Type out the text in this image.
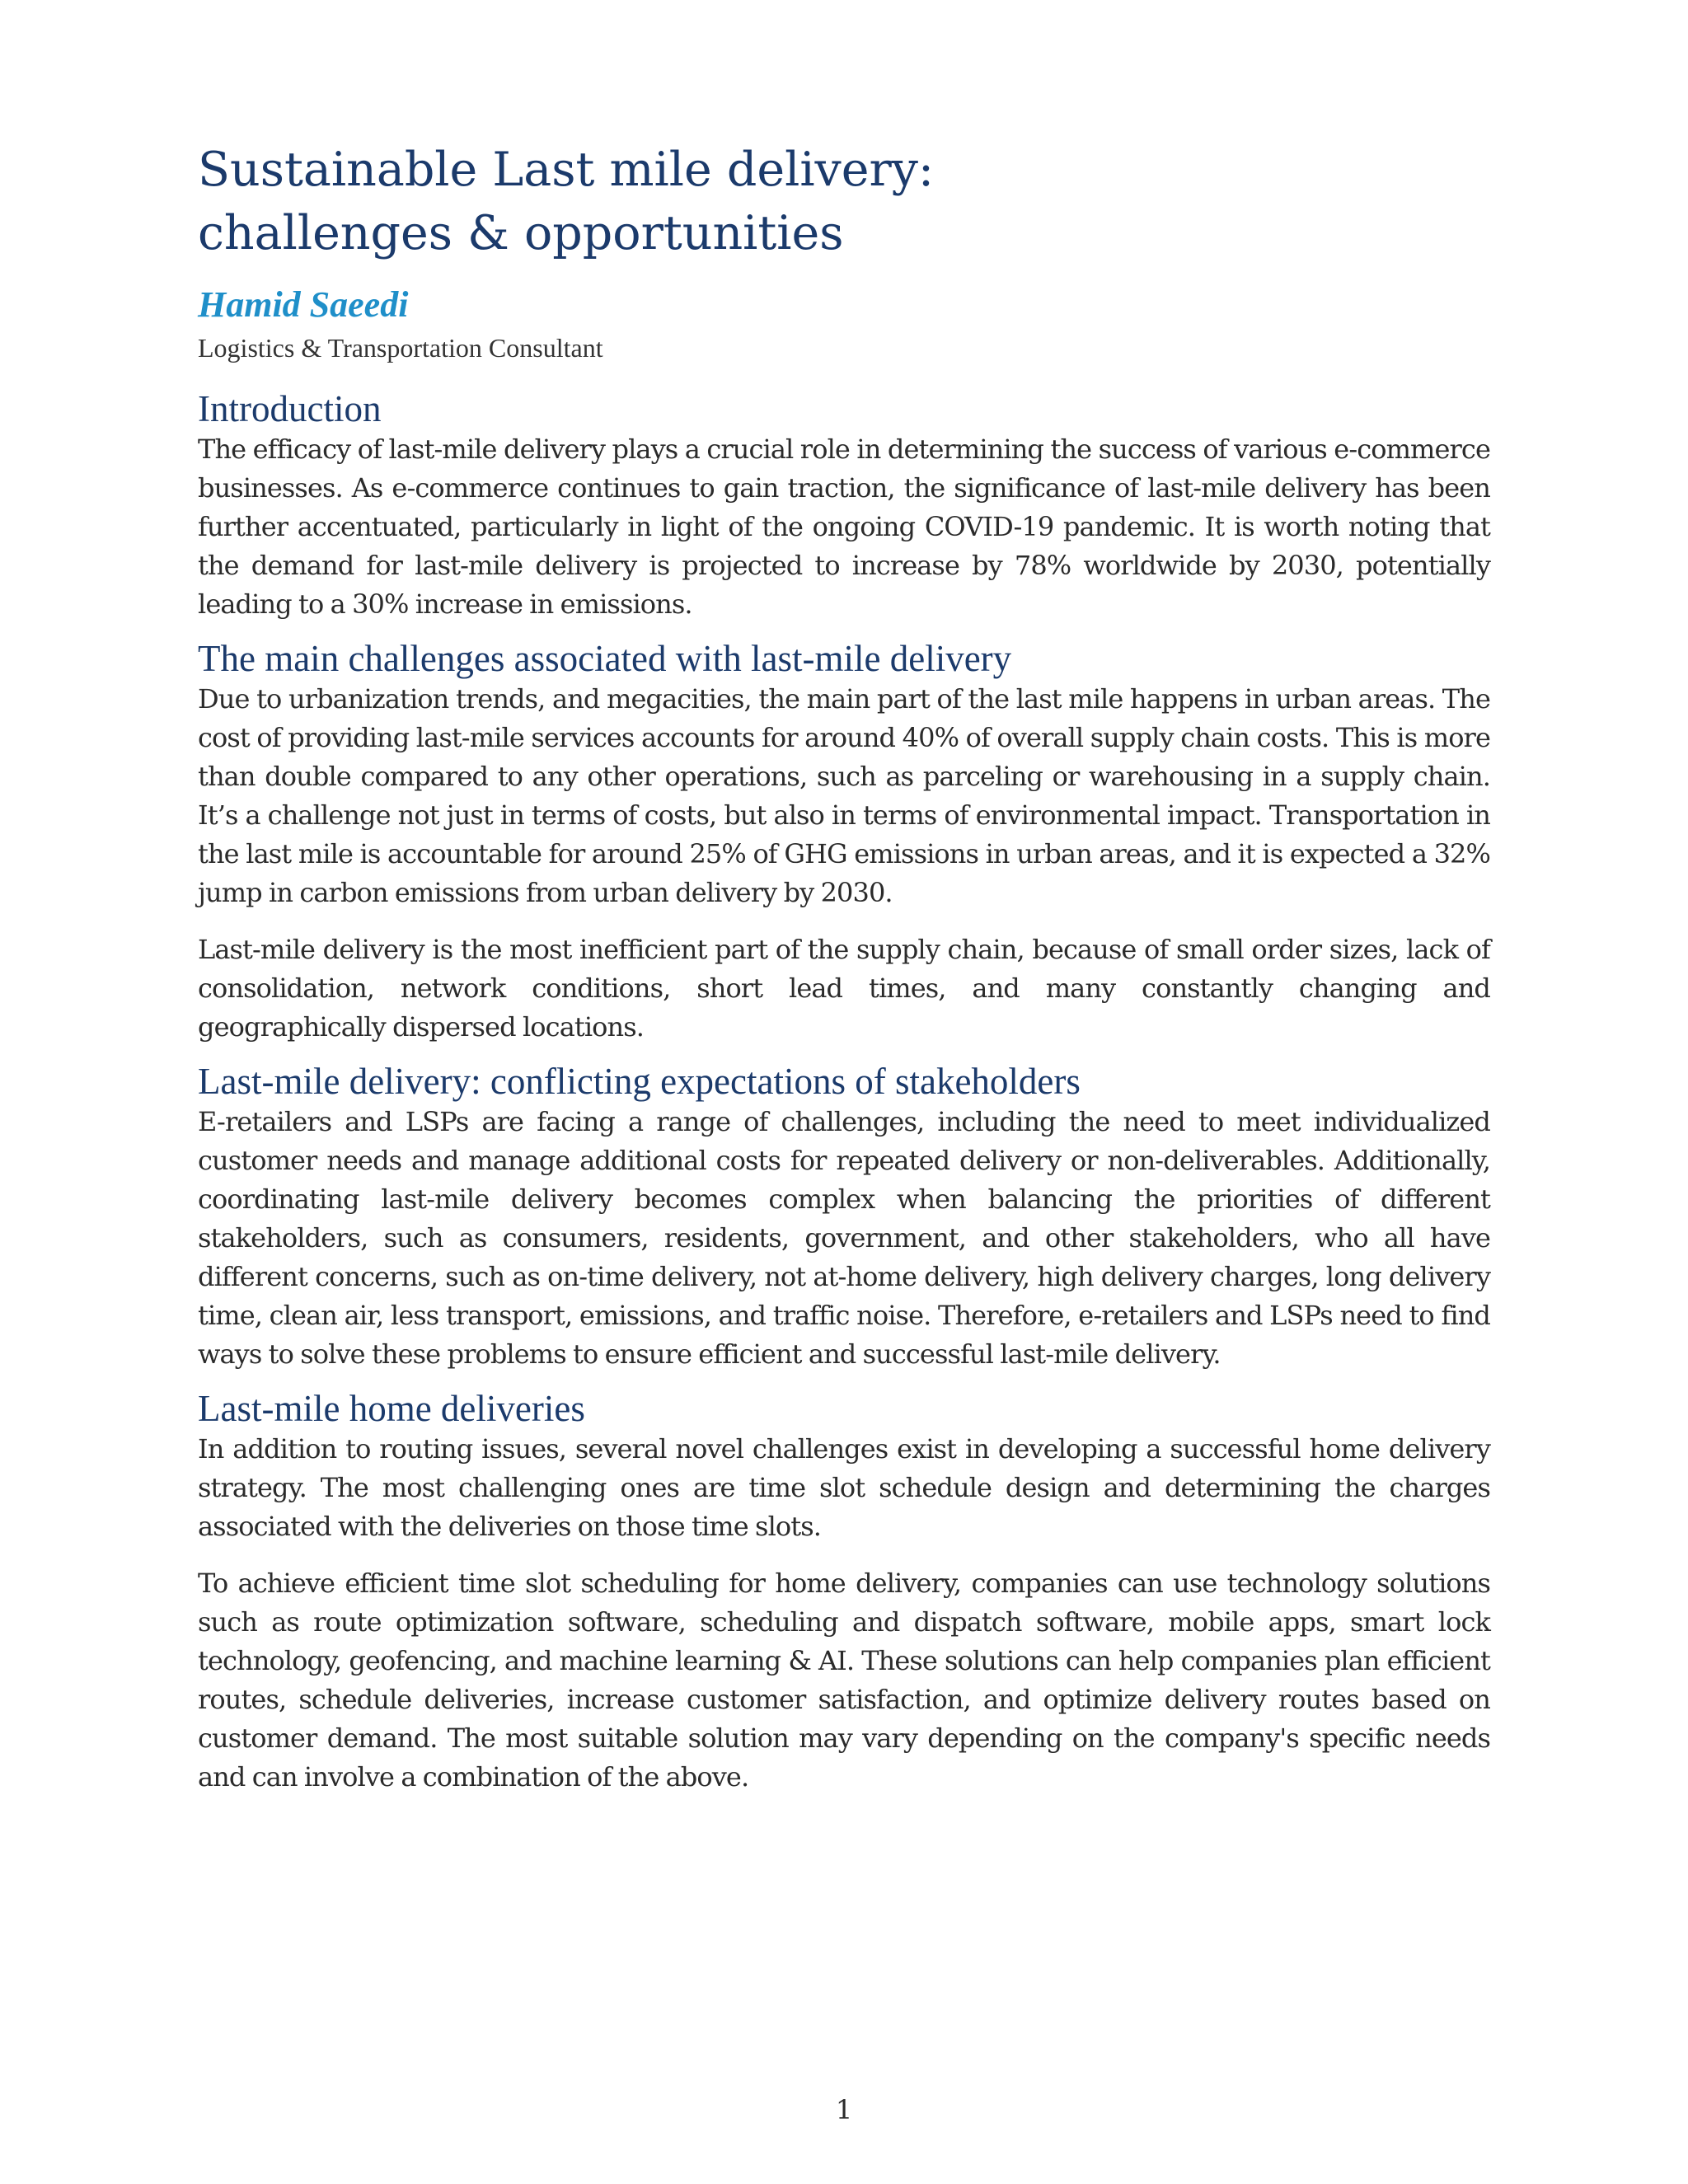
Sustainable Last mile delivery:
challenges & opportunities
Hamid Saeedi
Logistics & Transportation Consultant
Introduction

The efficacy of last-mile delivery plays a crucial role in determining the success of various e-commerce businesses. As e-commerce continues to gain traction, the significance of last-mile delivery has been further accentuated, particularly in light of the ongoing COVID-19 pandemic. It is worth noting that the demand for last-mile delivery is projected to increase by 78% worldwide by 2030, potentially leading to a 30% increase in emissions.

The main challenges associated with last-mile delivery

Due to urbanization trends, and megacities, the main part of the last mile happens in urban areas. The cost of providing last-mile services accounts for around 40% of overall supply chain costs. This is more than double compared to any other operations, such as parceling or warehousing in a supply chain. It’s a challenge not just in terms of costs, but also in terms of environmental impact. Transportation in the last mile is accountable for around 25% of GHG emissions in urban areas, and it is expected a 32% jump in carbon emissions from urban delivery by 2030.

Last-mile delivery is the most inefficient part of the supply chain, because of small order sizes, lack of consolidation, network conditions, short lead times, and many constantly changing and geographically dispersed locations.

Last-mile delivery: conflicting expectations of stakeholders

E-retailers and LSPs are facing a range of challenges, including the need to meet individualized customer needs and manage additional costs for repeated delivery or non-deliverables. Additionally, coordinating last-mile delivery becomes complex when balancing the priorities of different stakeholders, such as consumers, residents, government, and other stakeholders, who all have different concerns, such as on-time delivery, not at-home delivery, high delivery charges, long delivery time, clean air, less transport, emissions, and traffic noise. Therefore, e-retailers and LSPs need to find ways to solve these problems to ensure efficient and successful last-mile delivery.

Last-mile home deliveries

In addition to routing issues, several novel challenges exist in developing a successful home delivery strategy. The most challenging ones are time slot schedule design and determining the charges associated with the deliveries on those time slots.

To achieve efficient time slot scheduling for home delivery, companies can use technology solutions such as route optimization software, scheduling and dispatch software, mobile apps, smart lock technology, geofencing, and machine learning & AI. These solutions can help companies plan efficient routes, schedule deliveries, increase customer satisfaction, and optimize delivery routes based on customer demand. The most suitable solution may vary depending on the company's specific needs and can involve a combination of the above.

1
